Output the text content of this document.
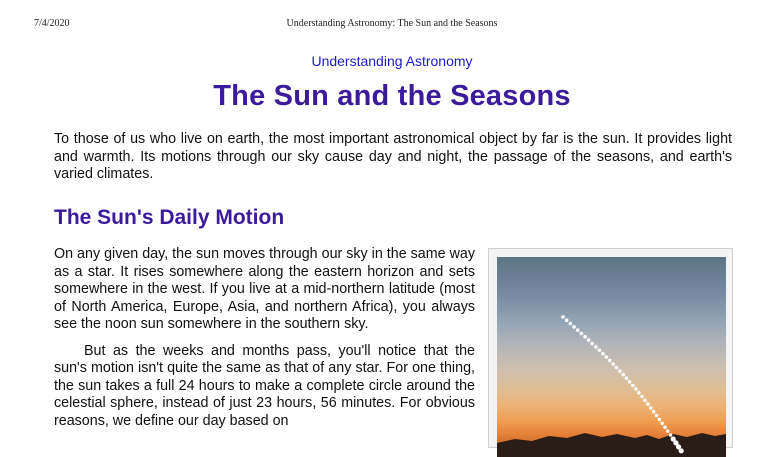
7/4/2020	Understanding Astronomy: The Sun and the Seasons
Understanding Astronomy
The Sun and the Seasons

To those of us who live on earth, the most important astronomical object by far is the sun. It provides light and warmth. Its motions through our sky cause day and night, the passage of the seasons, and earth's varied climates.

The Sun's Daily Motion

On any given day, the sun moves through our sky in the same way as a star. It rises somewhere along the eastern horizon and sets somewhere in the west. If you live at a mid-northern latitude (most of North America, Europe, Asia, and northern Africa), you always see the noon sun somewhere in the southern sky.

But as the weeks and months pass, you'll notice that the sun's motion isn't quite the same as that of any star. For one thing, the sun takes a full 24 hours to make a complete circle around the celestial sphere, instead of just 23 hours, 56 minutes. For obvious reasons, we define our day based on
